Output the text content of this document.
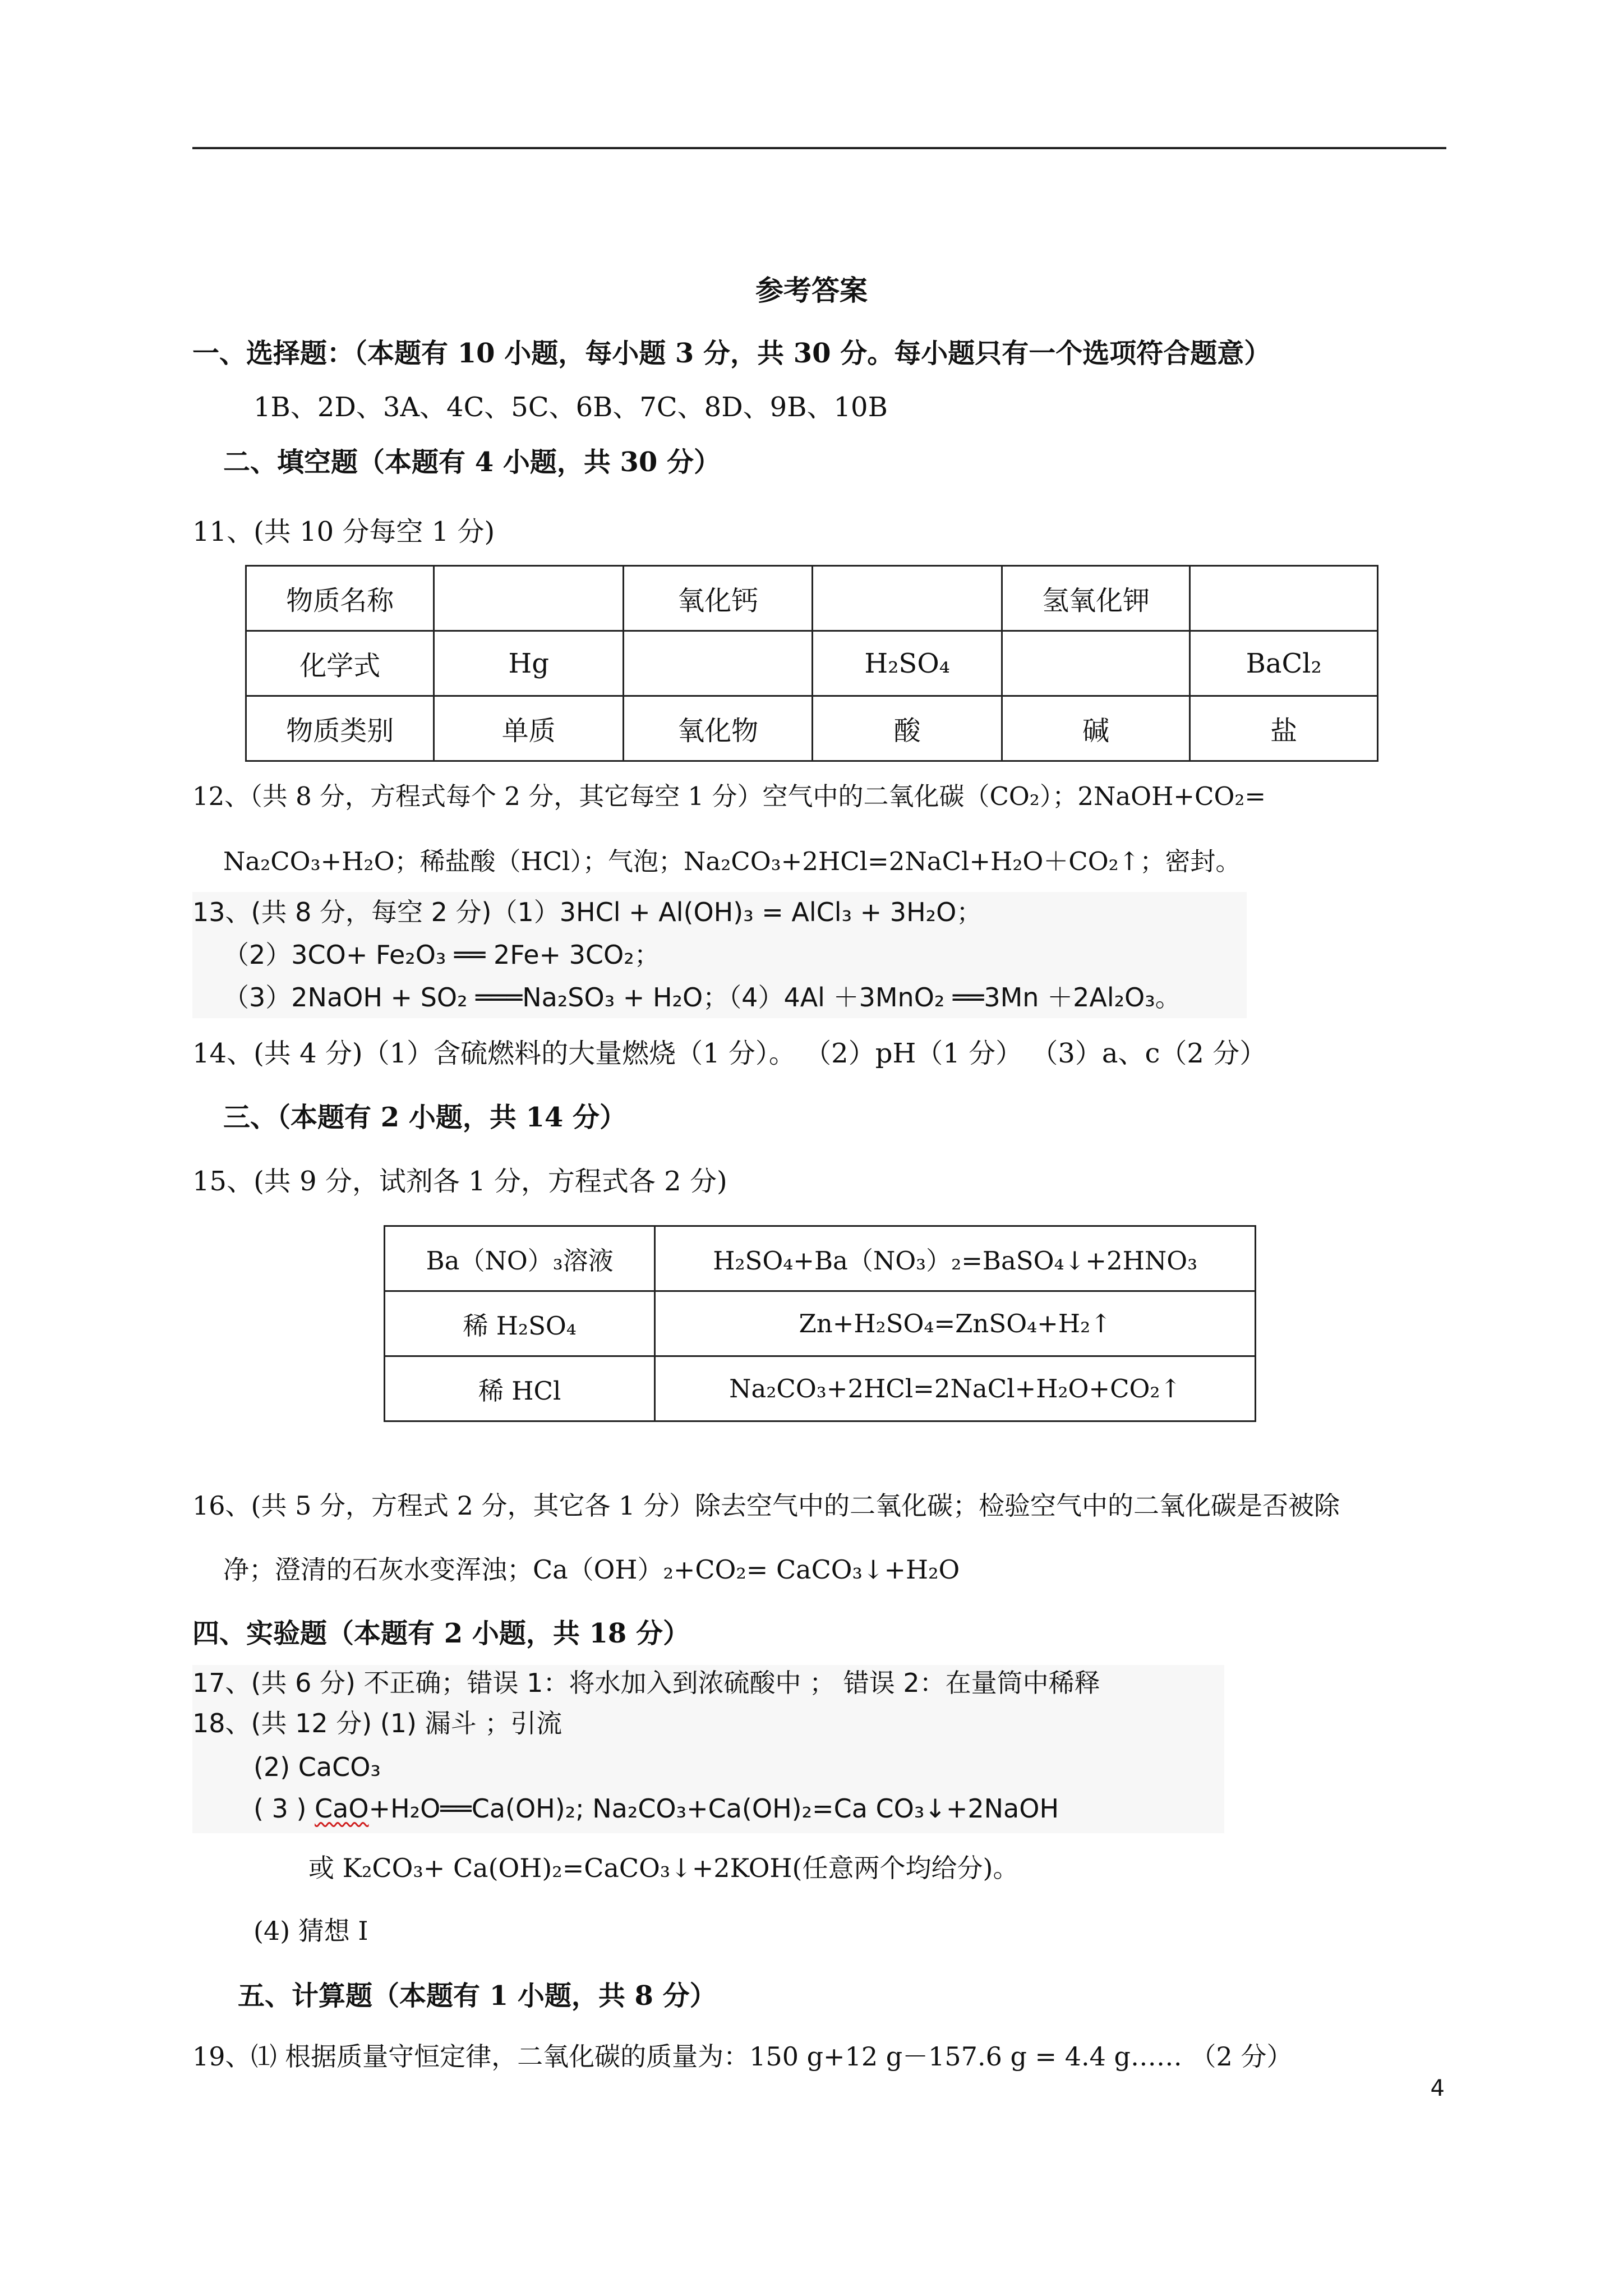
参考答案
一、选择题：（本题有 10 小题，每小题 3 分，共 30 分。每小题只有一个选项符合题意）
1B、2D、3A、4C、5C、6B、7C、8D、9B、10B
二、填空题（本题有 4 小题，共 30 分）
11、(共 10 分每空 1 分)
物质名称		氧化钙		氢氧化钾	
化学式	Hg		H₂SO₄		BaCl₂
物质类别	单质	氧化物	酸	碱	盐
12、（共 8 分，方程式每个 2 分，其它每空 1 分）空气中的二氧化碳（CO₂）；2NaOH+CO₂=
Na₂CO₃+H₂O；稀盐酸（HCl）；气泡；Na₂CO₃+2HCl=2NaCl+H₂O＋CO₂↑；密封。
13、(共 8 分，每空 2 分)（1）3HCl + Al(OH)₃ = AlCl₃ + 3H₂O；
（2）3CO+ Fe₂O₃ ══ 2Fe+ 3CO₂；
（3）2NaOH + SO₂ ═══Na₂SO₃ + H₂O；（4）4Al ＋3MnO₂ ══3Mn ＋2Al₂O₃。
14、(共 4 分)（1）含硫燃料的大量燃烧（1 分）。 （2）pH（1 分） （3）a、c（2 分）
三、（本题有 2 小题，共 14 分）
15、(共 9 分，试剂各 1 分，方程式各 2 分)
Ba（NO）₃溶液	H₂SO₄+Ba（NO₃）₂=BaSO₄↓+2HNO₃
稀 H₂SO₄	Zn+H₂SO₄=ZnSO₄+H₂↑
稀 HCl	Na₂CO₃+2HCl=2NaCl+H₂O+CO₂↑
16、(共 5 分，方程式 2 分，其它各 1 分）除去空气中的二氧化碳；检验空气中的二氧化碳是否被除
净；澄清的石灰水变浑浊；Ca（OH）₂+CO₂= CaCO₃↓+H₂O
四、实验题（本题有 2 小题，共 18 分）
17、(共 6 分) 不正确；错误 1：将水加入到浓硫酸中 ； 错误 2：在量筒中稀释
18、(共 12 分) (1) 漏斗 ；引流
(2) CaCO₃
( 3 ) CaO+H₂O══Ca(OH)₂; Na₂CO₃+Ca(OH)₂=Ca CO₃↓+2NaOH
或 K₂CO₃+ Ca(OH)₂=CaCO₃↓+2KOH(任意两个均给分)。
(4) 猜想 I
五、计算题（本题有 1 小题，共 8 分）
19、⑴ 根据质量守恒定律，二氧化碳的质量为：150 g+12 g－157.6 g = 4.4 g…… （2 分）
4
